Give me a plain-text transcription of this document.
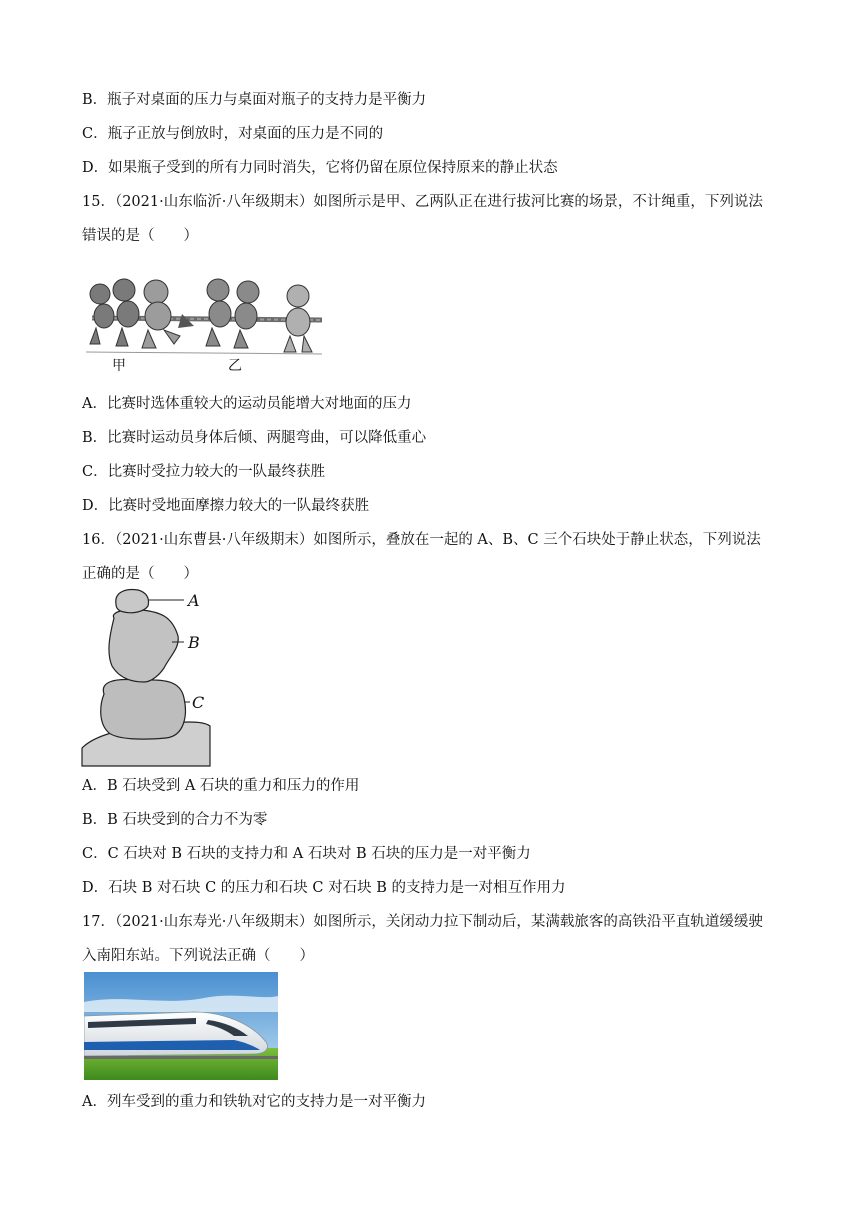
B．瓶子对桌面的压力与桌面对瓶子的支持力是平衡力
C．瓶子正放与倒放时，对桌面的压力是不同的
D．如果瓶子受到的所有力同时消失，它将仍留在原位保持原来的静止状态
15．（2021·山东临沂·八年级期末）如图所示是甲、乙两队正在进行拔河比赛的场景，不计绳重，下列说法
错误的是（　　）
甲	乙
A．比赛时选体重较大的运动员能增大对地面的压力
B．比赛时运动员身体后倾、两腿弯曲，可以降低重心
C．比赛时受拉力较大的一队最终获胜
D．比赛时受地面摩擦力较大的一队最终获胜
16．（2021·山东曹县·八年级期末）如图所示，叠放在一起的 A、B、C 三个石块处于静止状态，下列说法
正确的是（　　）
A
B
C
A．B 石块受到 A 石块的重力和压力的作用
B．B 石块受到的合力不为零
C．C 石块对 B 石块的支持力和 A 石块对 B 石块的压力是一对平衡力
D．石块 B 对石块 C 的压力和石块 C 对石块 B 的支持力是一对相互作用力
17．（2021·山东寿光·八年级期末）如图所示，关闭动力拉下制动后，某满载旅客的高铁沿平直轨道缓缓驶
入南阳东站。下列说法正确（　　）
A．列车受到的重力和铁轨对它的支持力是一对平衡力
